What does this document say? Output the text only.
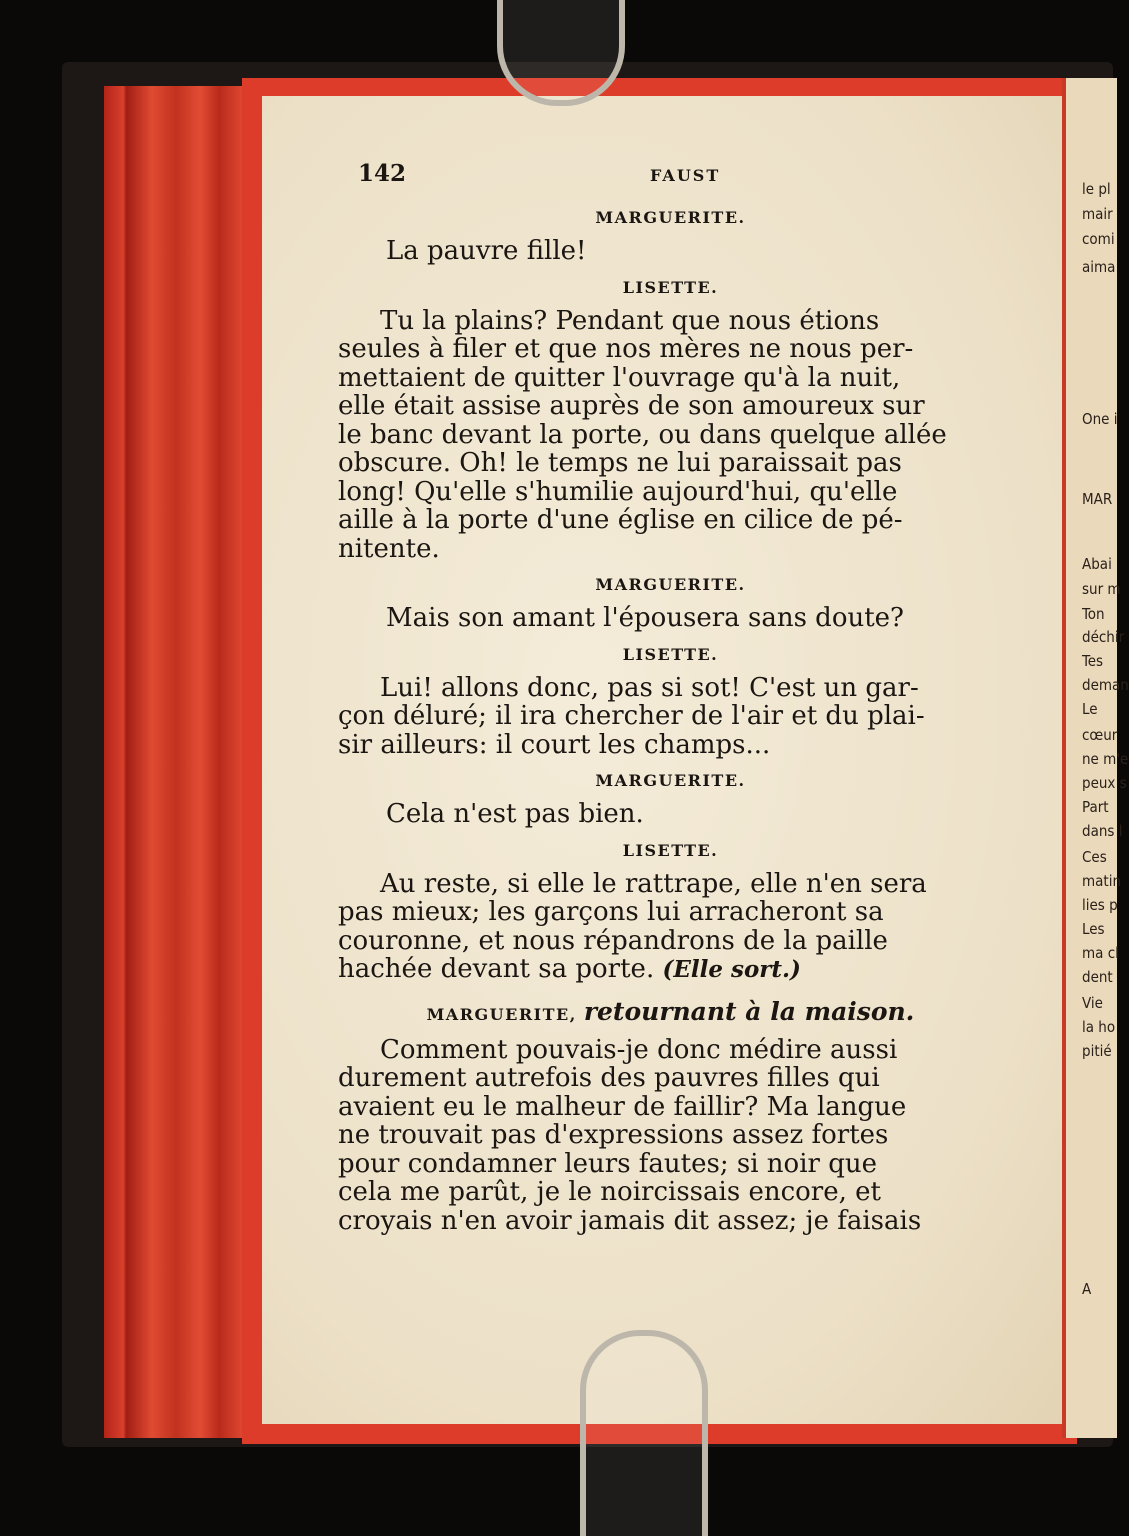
le pl
mair
comi
aima
One i
MAR
Abai
sur m
Ton
déchir
Tes
deman
Le
cœur
ne m'e
peux s
Part
dans l
Ces
matin
lies p
Les
ma cl
dent
Vie
la ho
pitié
A
142	FAUST
MARGUERITE.

La pauvre fille!

LISETTE.

Tu la plains? Pendant que nous étions

seules à filer et que nos mères ne nous per-

mettaient de quitter l'ouvrage qu'à la nuit,

elle était assise auprès de son amoureux sur

le banc devant la porte, ou dans quelque allée

obscure. Oh! le temps ne lui paraissait pas

long! Qu'elle s'humilie aujourd'hui, qu'elle

aille à la porte d'une église en cilice de pé-

nitente.

MARGUERITE.

Mais son amant l'épousera sans doute?

LISETTE.

Lui! allons donc, pas si sot! C'est un gar-

çon déluré; il ira chercher de l'air et du plai-

sir ailleurs: il court les champs...

MARGUERITE.

Cela n'est pas bien.

LISETTE.

Au reste, si elle le rattrape, elle n'en sera

pas mieux; les garçons lui arracheront sa

couronne, et nous répandrons de la paille

hachée devant sa porte. (Elle sort.)

MARGUERITE, retournant à la maison.

Comment pouvais-je donc médire aussi

durement autrefois des pauvres filles qui

avaient eu le malheur de faillir? Ma langue

ne trouvait pas d'expressions assez fortes

pour condamner leurs fautes; si noir que

cela me parût, je le noircissais encore, et

croyais n'en avoir jamais dit assez; je faisais
